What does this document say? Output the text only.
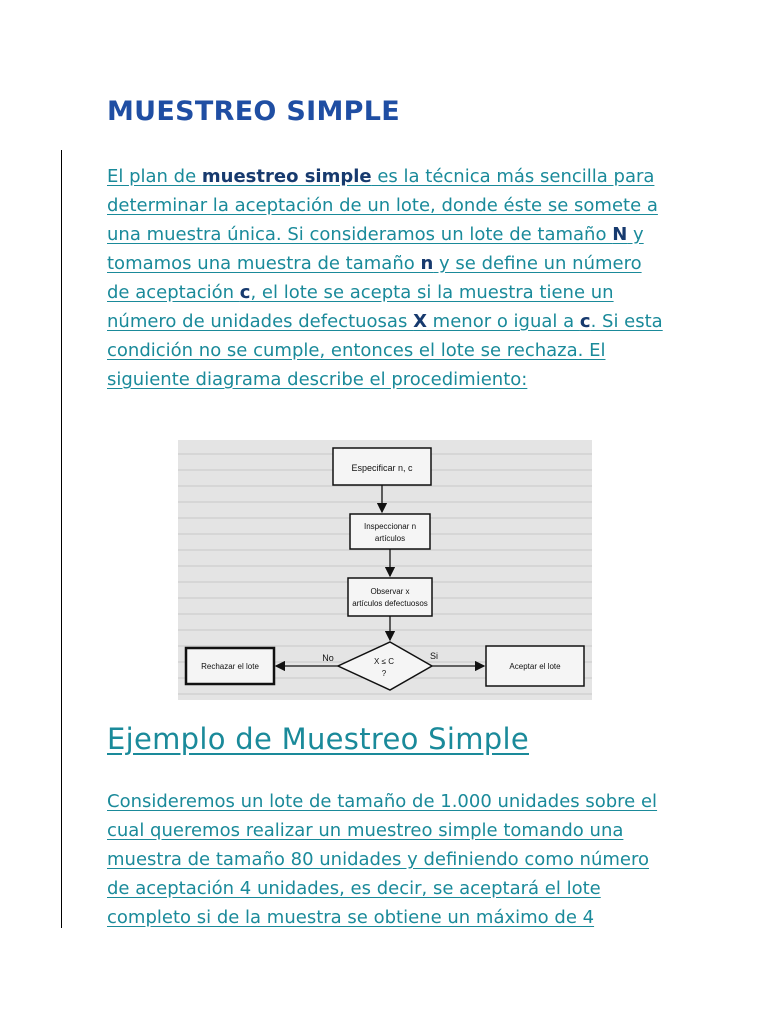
MUESTREO SIMPLE

El plan de muestreo simple es la técnica más sencilla para determinar la aceptación de un lote, donde éste se somete a una muestra única. Si consideramos un lote de tamaño N y tomamos una muestra de tamaño n y se define un número de aceptación c, el lote se acepta si la muestra tiene un número de unidades defectuosas X menor o igual a c. Si esta condición no se cumple, entonces el lote se rechaza. El siguiente diagrama describe el procedimiento:

Especificar n, c
Inspeccionar n
artículos
Observar x
artículos defectuosos
X ≤ C
?
No
Rechazar el lote
Si
Aceptar el lote
Ejemplo de Muestreo Simple

Consideremos un lote de tamaño de 1.000 unidades sobre el cual queremos realizar un muestreo simple tomando una muestra de tamaño 80 unidades y definiendo como número de aceptación 4 unidades, es decir, se aceptará el lote completo si de la muestra se obtiene un máximo de 4
